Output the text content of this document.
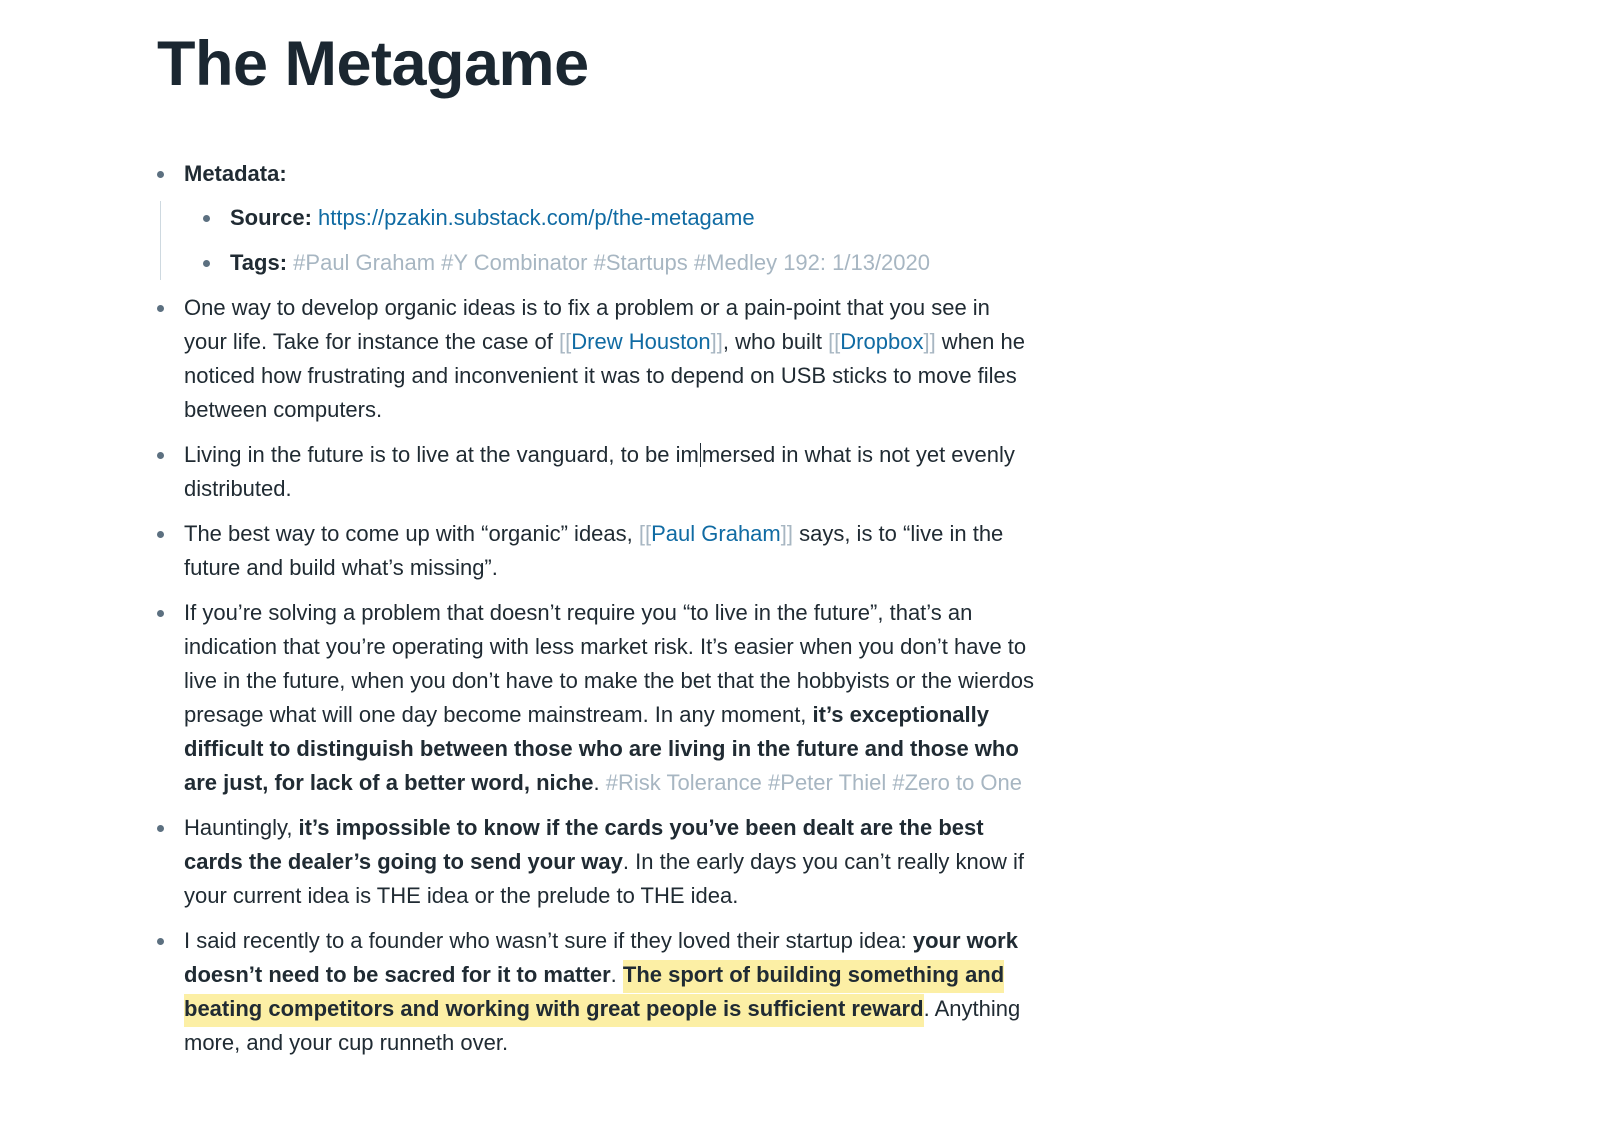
The Metagame
Metadata:
Source: https://pzakin.substack.com/p/the-metagame
Tags: #Paul Graham #Y Combinator #Startups #Medley 192: 1/13/2020
One way to develop organic ideas is to fix a problem or a pain-point that you see in your life. Take for instance the case of [[Drew Houston]], who built [[Dropbox]] when he noticed how frustrating and inconvenient it was to depend on USB sticks to move files between computers.
Living in the future is to live at the vanguard, to be im mersed in what is not yet evenly distributed.
The best way to come up with “organic” ideas, [[Paul Graham]] says, is to “live in the future and build what’s missing”.
If you’re solving a problem that doesn’t require you “to live in the future”, that’s an indication that you’re operating with less market risk. It’s easier when you don’t have to live in the future, when you don’t have to make the bet that the hobbyists or the wierdos presage what will one day become mainstream. In any moment, it’s exceptionally difficult to distinguish between those who are living in the future and those who are just, for lack of a better word, niche. #Risk Tolerance #Peter Thiel #Zero to One
Hauntingly, it’s impossible to know if the cards you’ve been dealt are the best cards the dealer’s going to send your way. In the early days you can’t really know if your current idea is THE idea or the prelude to THE idea.
I said recently to a founder who wasn’t sure if they loved their startup idea: your work doesn’t need to be sacred for it to matter. The sport of building something and beating competitors and working with great people is sufficient reward. Anything more, and your cup runneth over.
